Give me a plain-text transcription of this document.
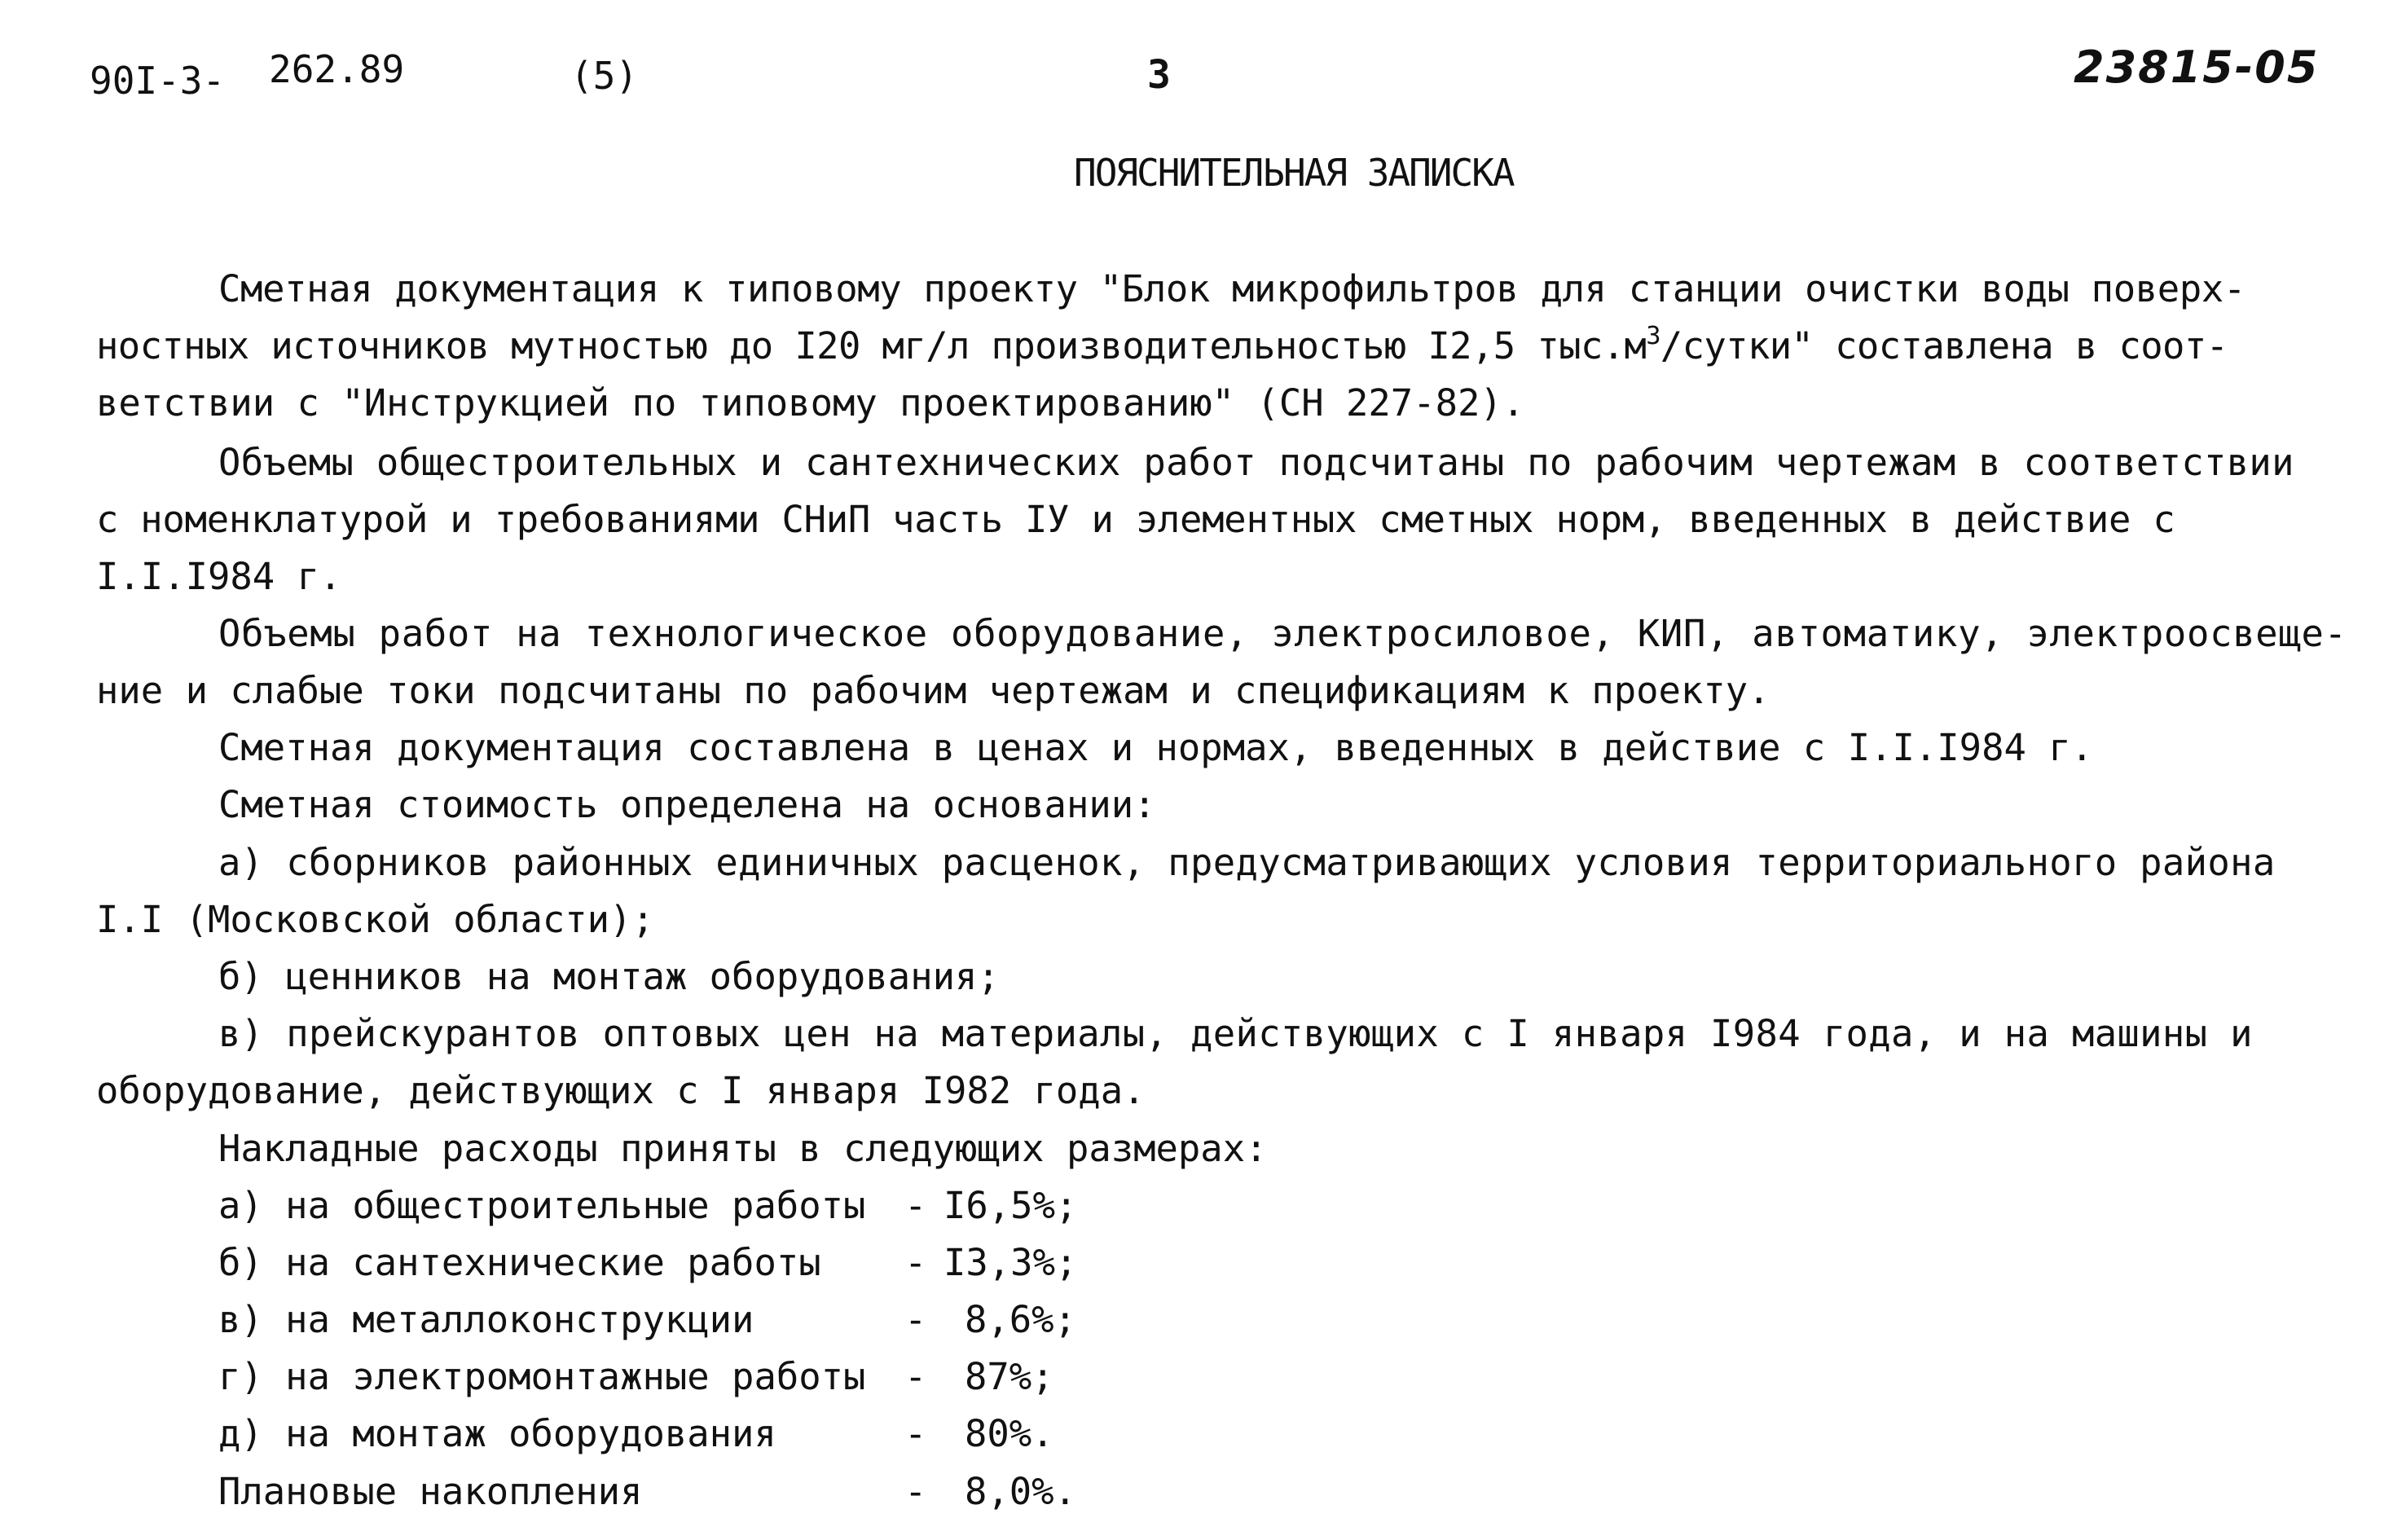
90I-3- 262.89	(5)	3	23815-05
ПОЯСНИТЕЛЬНАЯ ЗАПИСКА
Сметная документация к типовому проекту "Блок микрофильтров для станции очистки воды поверх-
ностных источников мутностью до I20 мг/л производительностью I2,5 $тыс.м^3$/сутки" составлена в соот-
ветствии с "Инструкцией по типовому проектированию" (СН 227-82).
Объемы общестроительных и сантехнических работ подсчитаны по рабочим чертежам в соответствии
с номенклатурой и требованиями СНиП часть IУ и элементных сметных норм, введенных в действие с
I.I.I984 г.
Объемы работ на технологическое оборудование, электросиловое, КИП, автоматику, электроосвеще-
ние и слабые токи подсчитаны по рабочим чертежам и спецификациям к проекту.
Сметная документация составлена в ценах и нормах, введенных в действие с I.I.I984 г.
Сметная стоимость определена на основании:
а) сборников районных единичных расценок, предусматривающих условия территориального района
I.I (Московской области);
б) ценников на монтаж оборудования;
в) прейскурантов оптовых цен на материалы, действующих с I января I984 года, и на машины и
оборудование, действующих с I января I982 года.
Накладные расходы приняты в следующих размерах:
а) на общестроительные работы - I6,5%;
б) на сантехнические работы - I3,3%;
в) на металлоконструкции	- 8,6%;
г) на электромонтажные работы - 87%;
д) на монтаж оборудования	- 80%.
Плановые накопления	- 8,0%.
